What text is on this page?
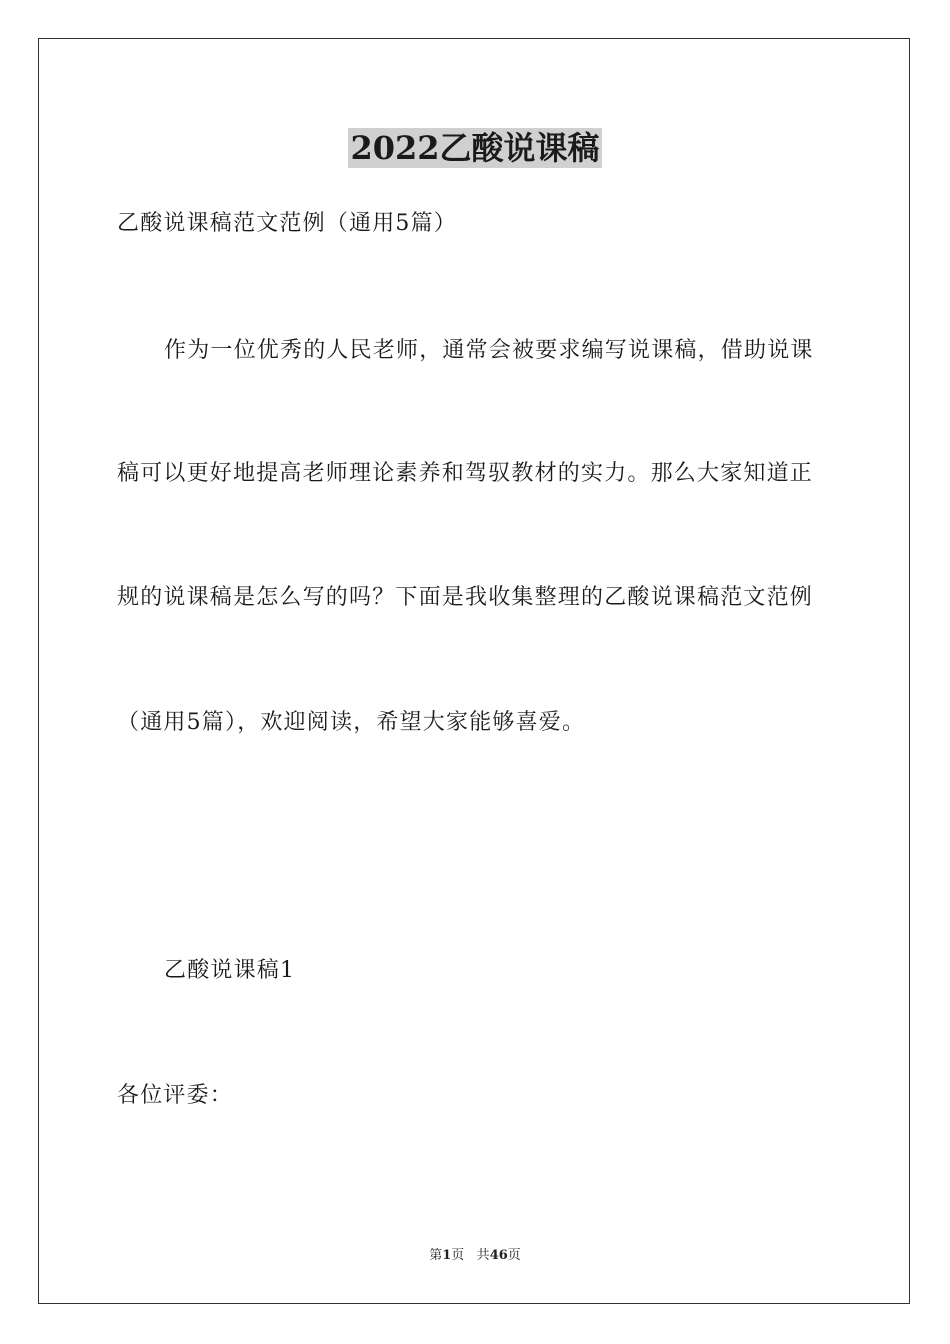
2022乙酸说课稿
乙酸说课稿范文范例（通用5篇）
作为一位优秀的人民老师，通常会被要求编写说课稿，借助说课
稿可以更好地提高老师理论素养和驾驭教材的实力。那么大家知道正
规的说课稿是怎么写的吗？下面是我收集整理的乙酸说课稿范文范例
（通用5篇），欢迎阅读，希望大家能够喜爱。
乙酸说课稿1
各位评委：
第1页 共46页
